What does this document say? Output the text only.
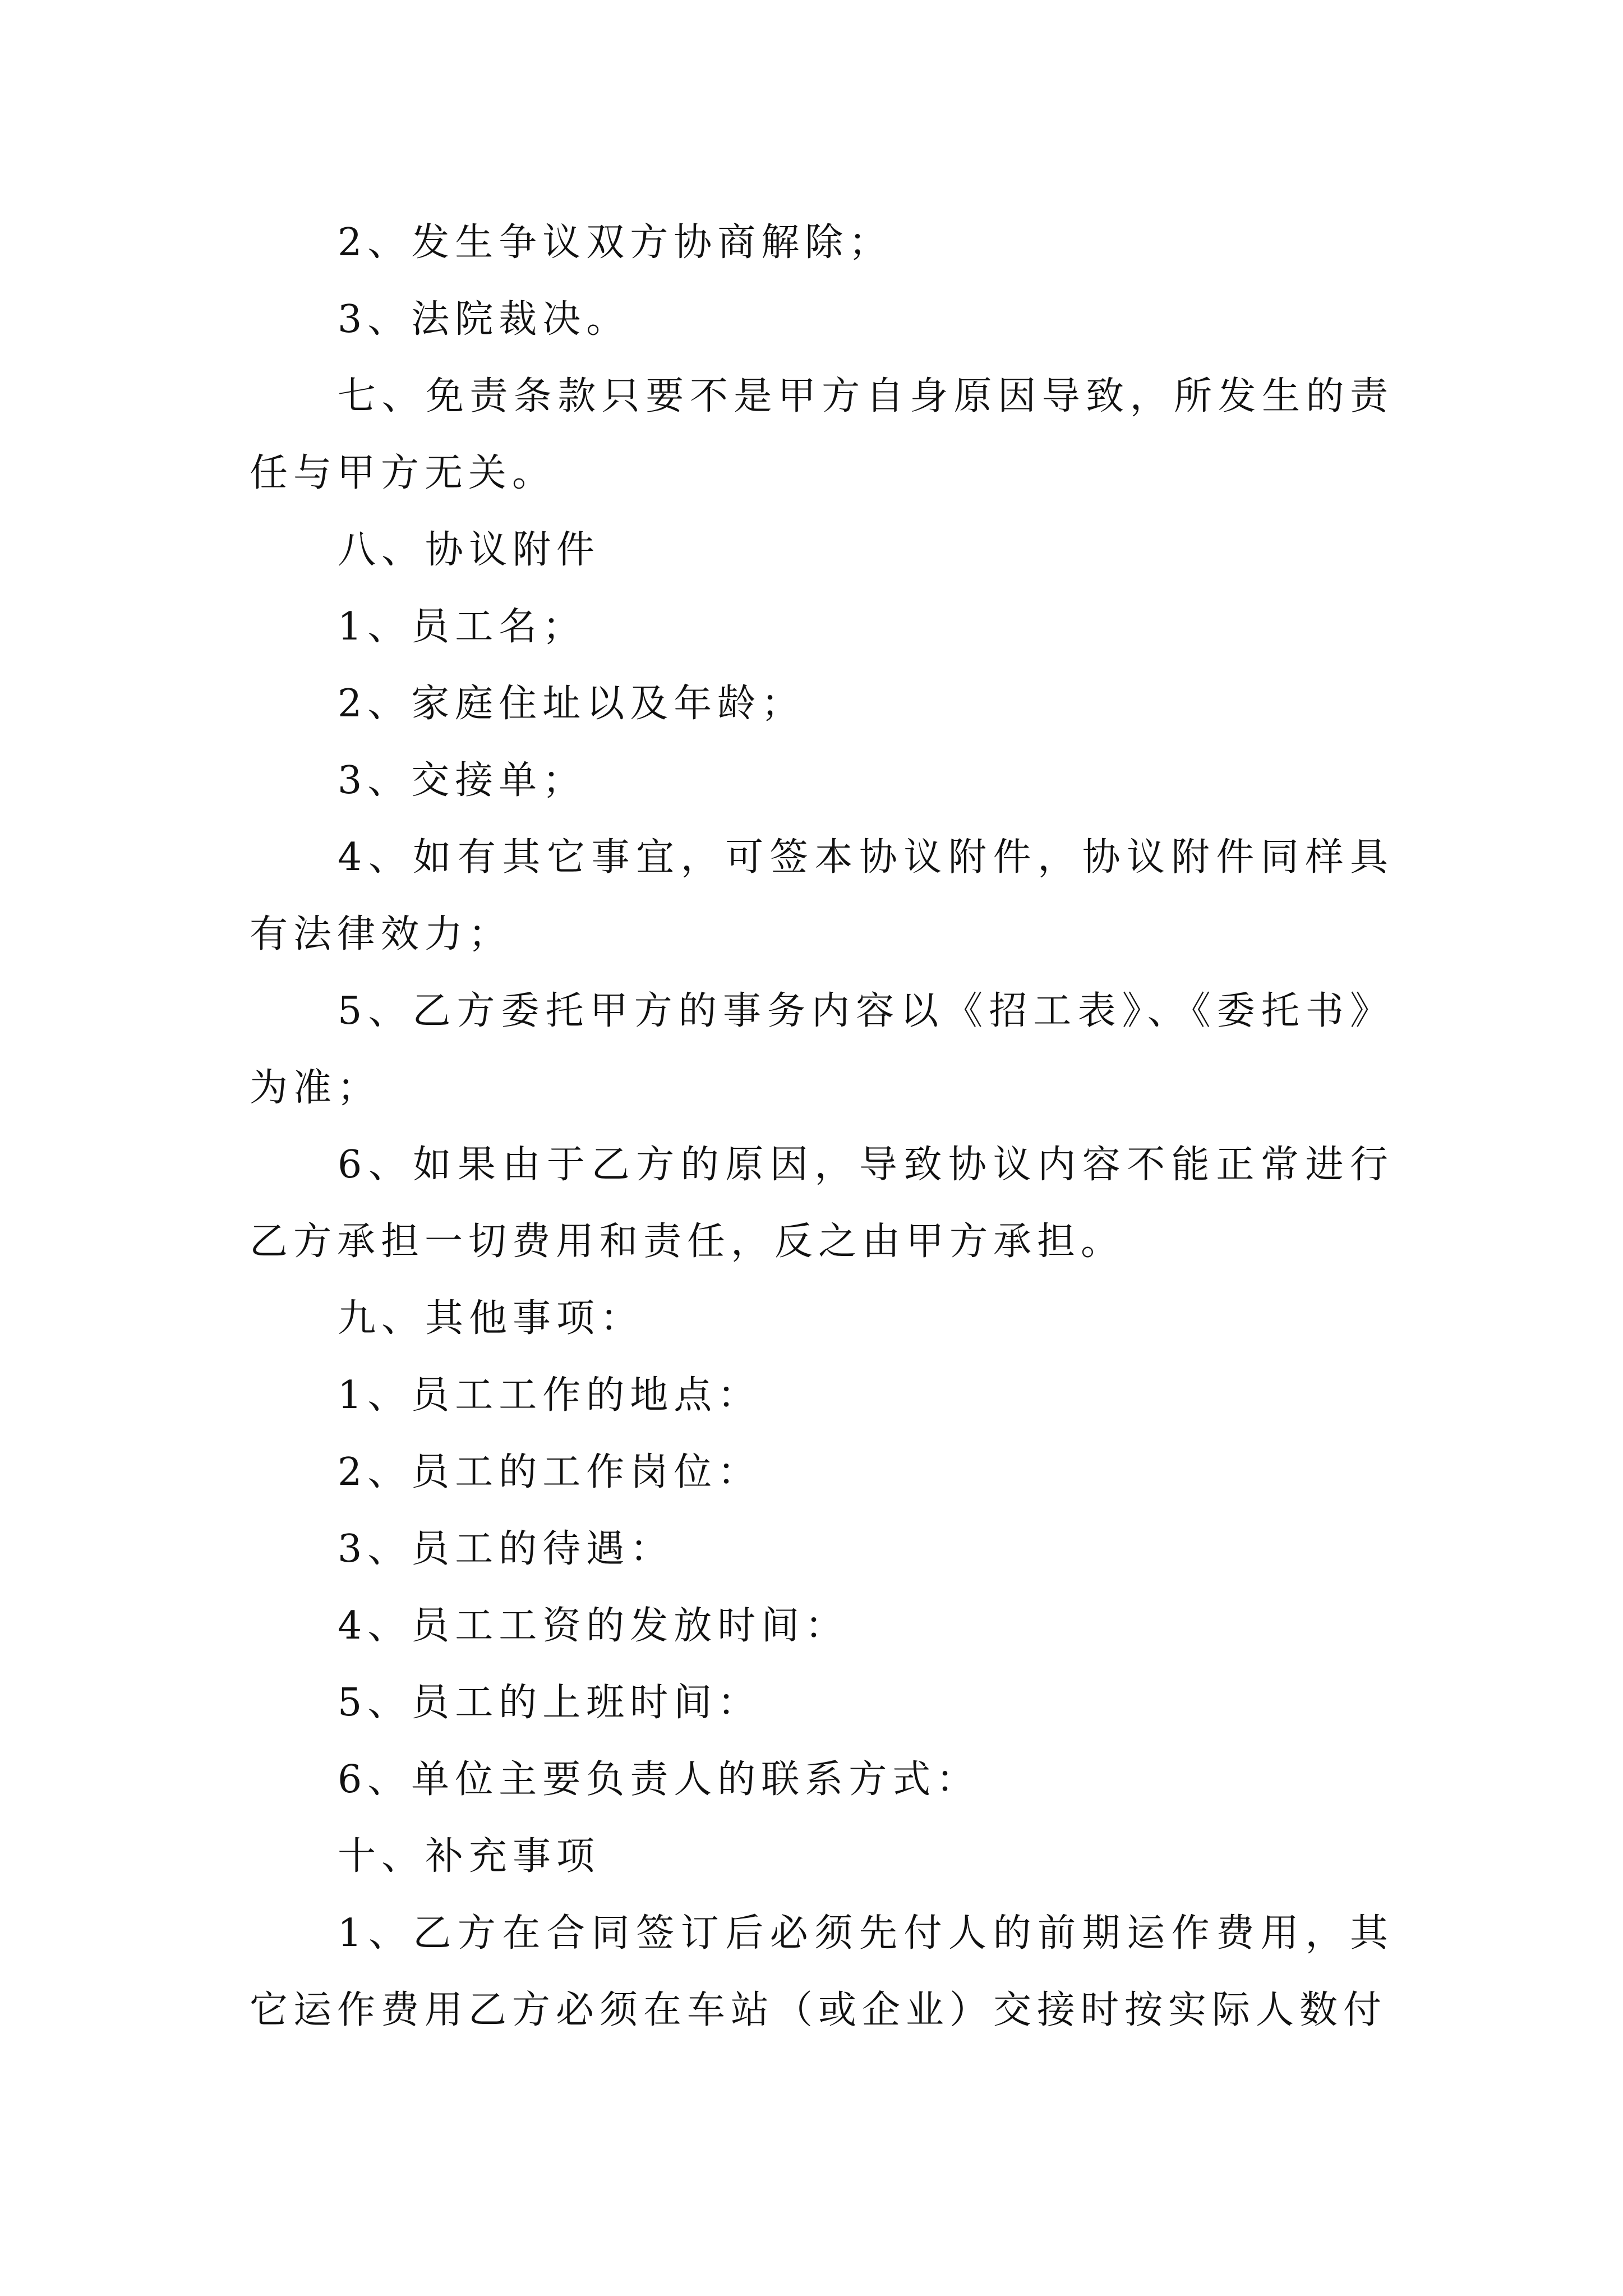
2、发生争议双方协商解除；

3、法院裁决。

七、免责条款只要不是甲方自身原因导致，所发生的责任与甲方无关。

八、协议附件

1、员工名；

2、家庭住址以及年龄；

3、交接单；

4、如有其它事宜，可签本协议附件，协议附件同样具有法律效力；

5、乙方委托甲方的事务内容以《招工表》、《委托书》为准；

6、如果由于乙方的原因，导致协议内容不能正常进行乙方承担一切费用和责任，反之由甲方承担。

九、其他事项：

1、员工工作的地点：

2、员工的工作岗位：

3、员工的待遇：

4、员工工资的发放时间：

5、员工的上班时间：

6、单位主要负责人的联系方式：

十、补充事项

1、乙方在合同签订后必须先付人的前期运作费用，其它运作费用乙方必须在车站（或企业）交接时按实际人数付
